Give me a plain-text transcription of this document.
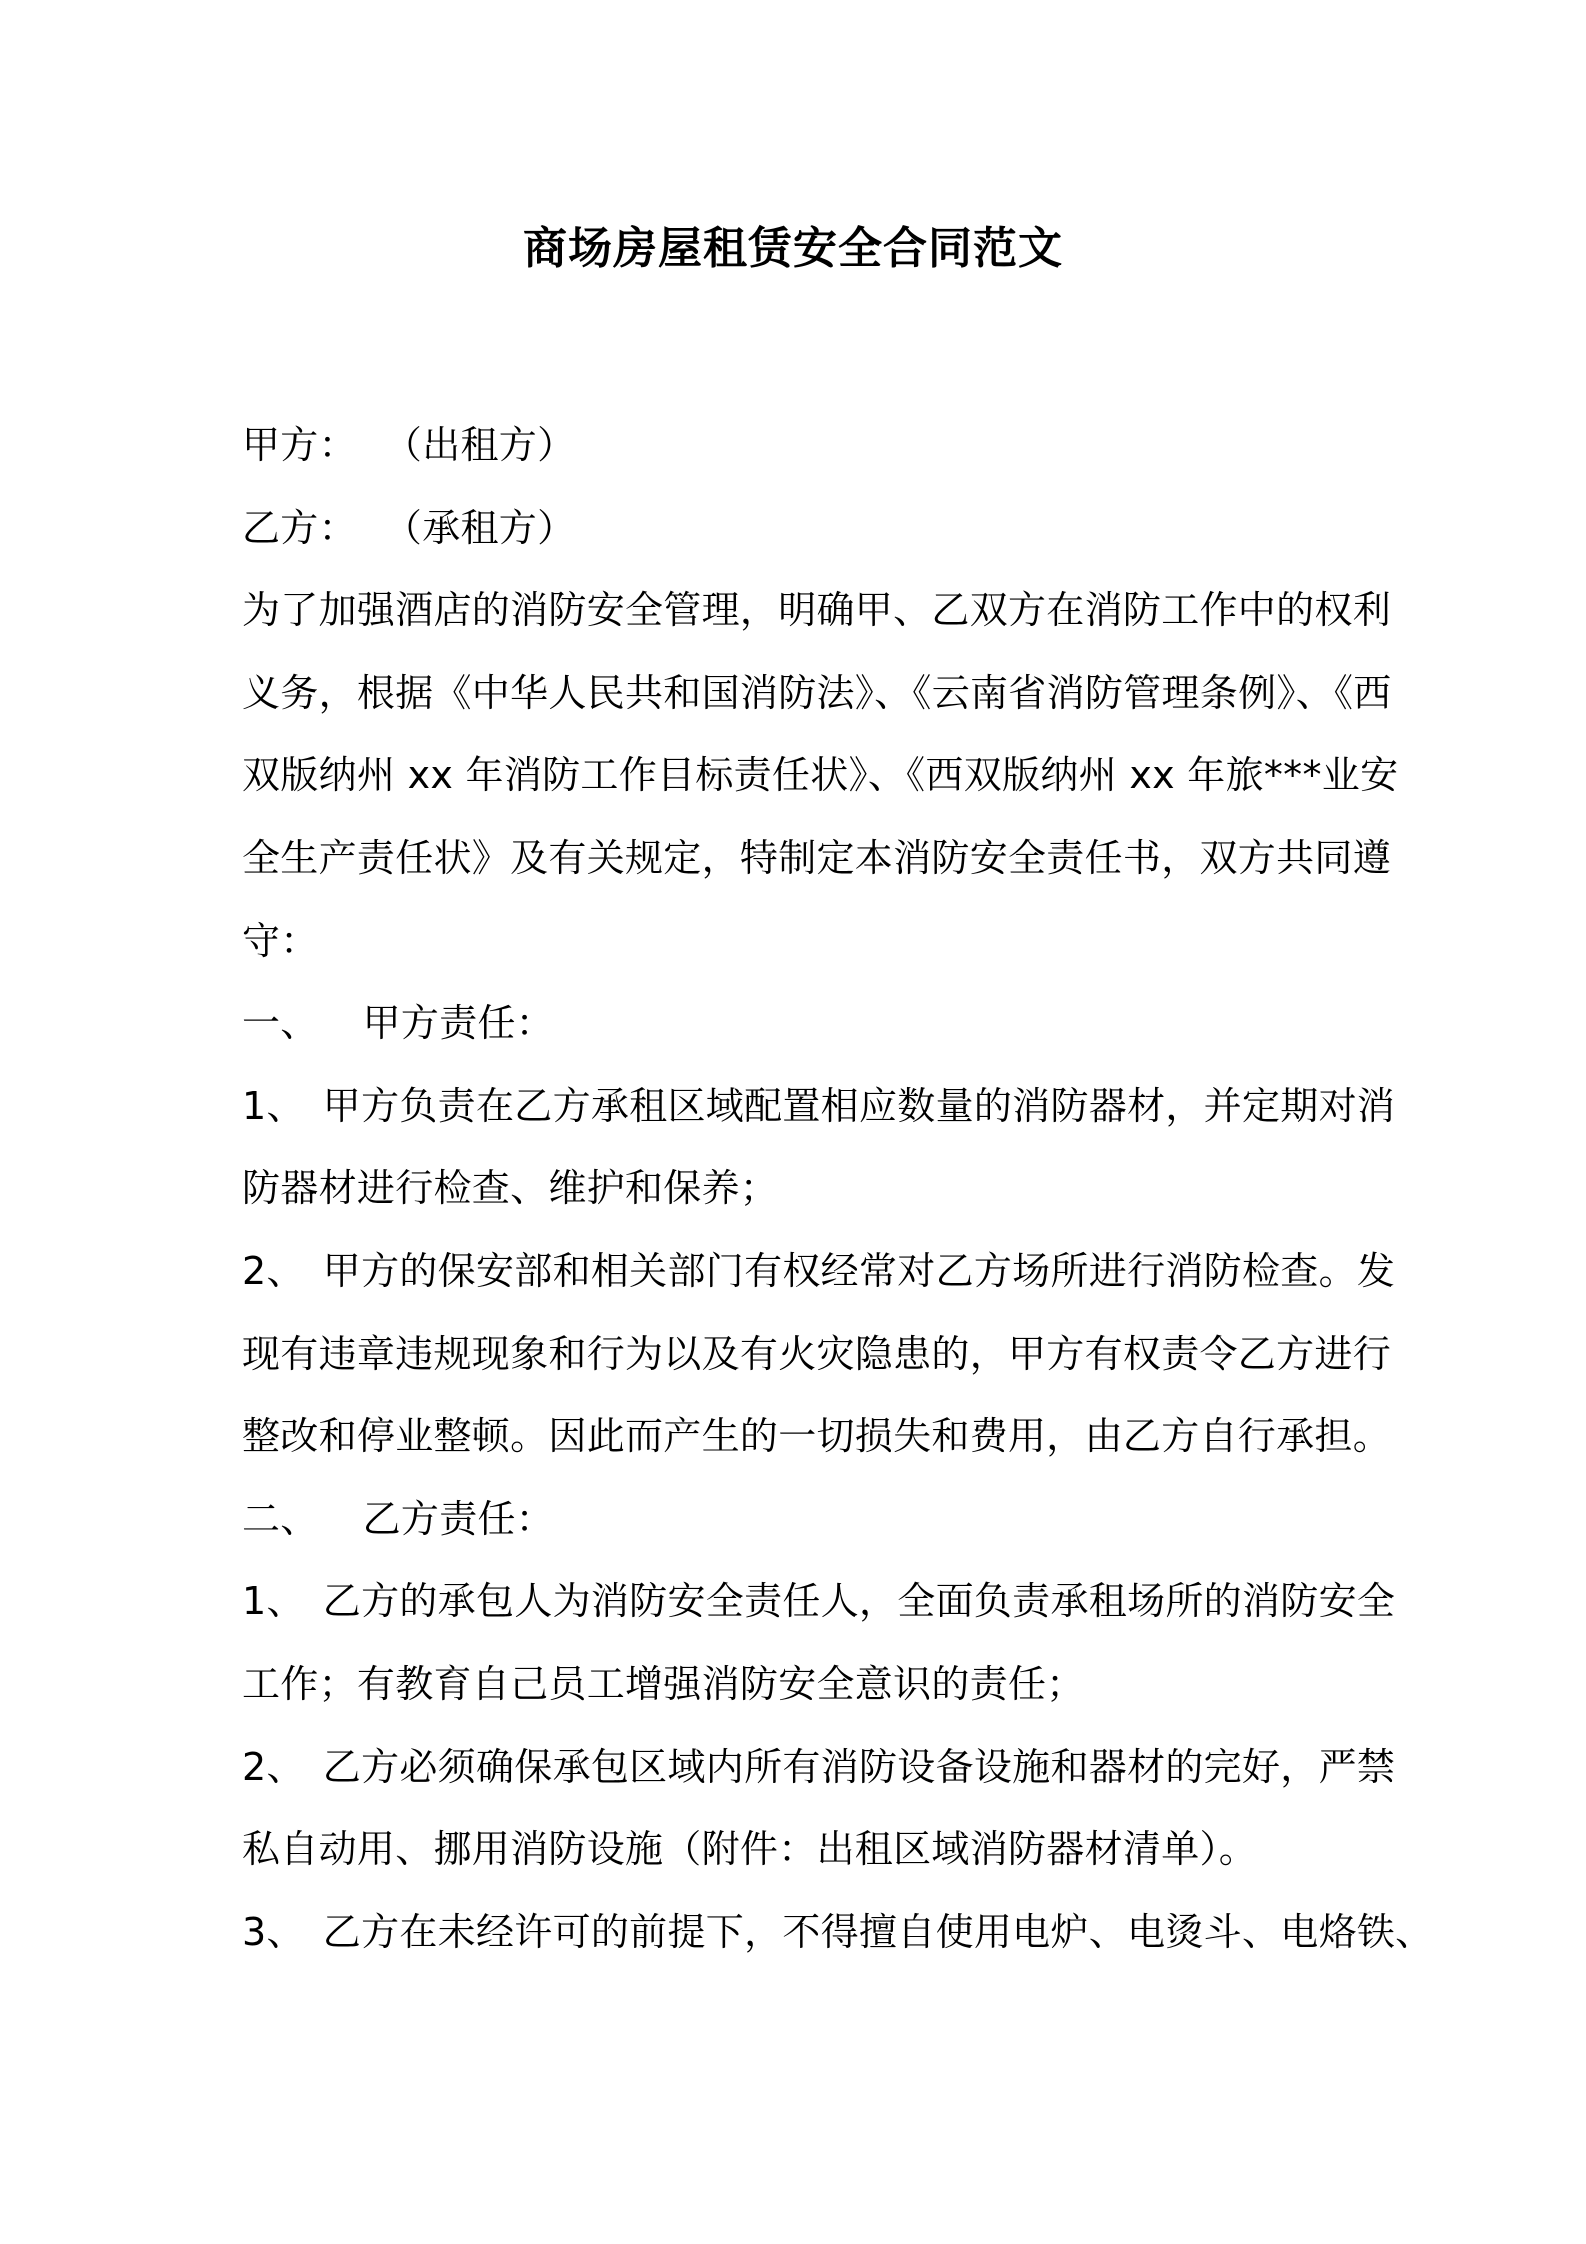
商场房屋租赁安全合同范文
甲方： （出租方）
乙方： （承租方）
为了加强酒店的消防安全管理，明确甲、乙双方在消防工作中的权利
义务，根据《中华人民共和国消防法》、《云南省消防管理条例》、《西
双版纳州 xx 年消防工作目标责任状》、《西双版纳州 xx 年旅***业安
全生产责任状》及有关规定，特制定本消防安全责任书，双方共同遵
守：
一、 甲方责任：
1、 甲方负责在乙方承租区域配置相应数量的消防器材，并定期对消
防器材进行检查、维护和保养；
2、 甲方的保安部和相关部门有权经常对乙方场所进行消防检查。发
现有违章违规现象和行为以及有火灾隐患的，甲方有权责令乙方进行
整改和停业整顿。因此而产生的一切损失和费用，由乙方自行承担。
二、 乙方责任：
1、 乙方的承包人为消防安全责任人，全面负责承租场所的消防安全
工作；有教育自己员工增强消防安全意识的责任；
2、 乙方必须确保承包区域内所有消防设备设施和器材的完好，严禁
私自动用、挪用消防设施（附件：出租区域消防器材清单）。
3、 乙方在未经许可的前提下，不得擅自使用电炉、电烫斗、电烙铁、
